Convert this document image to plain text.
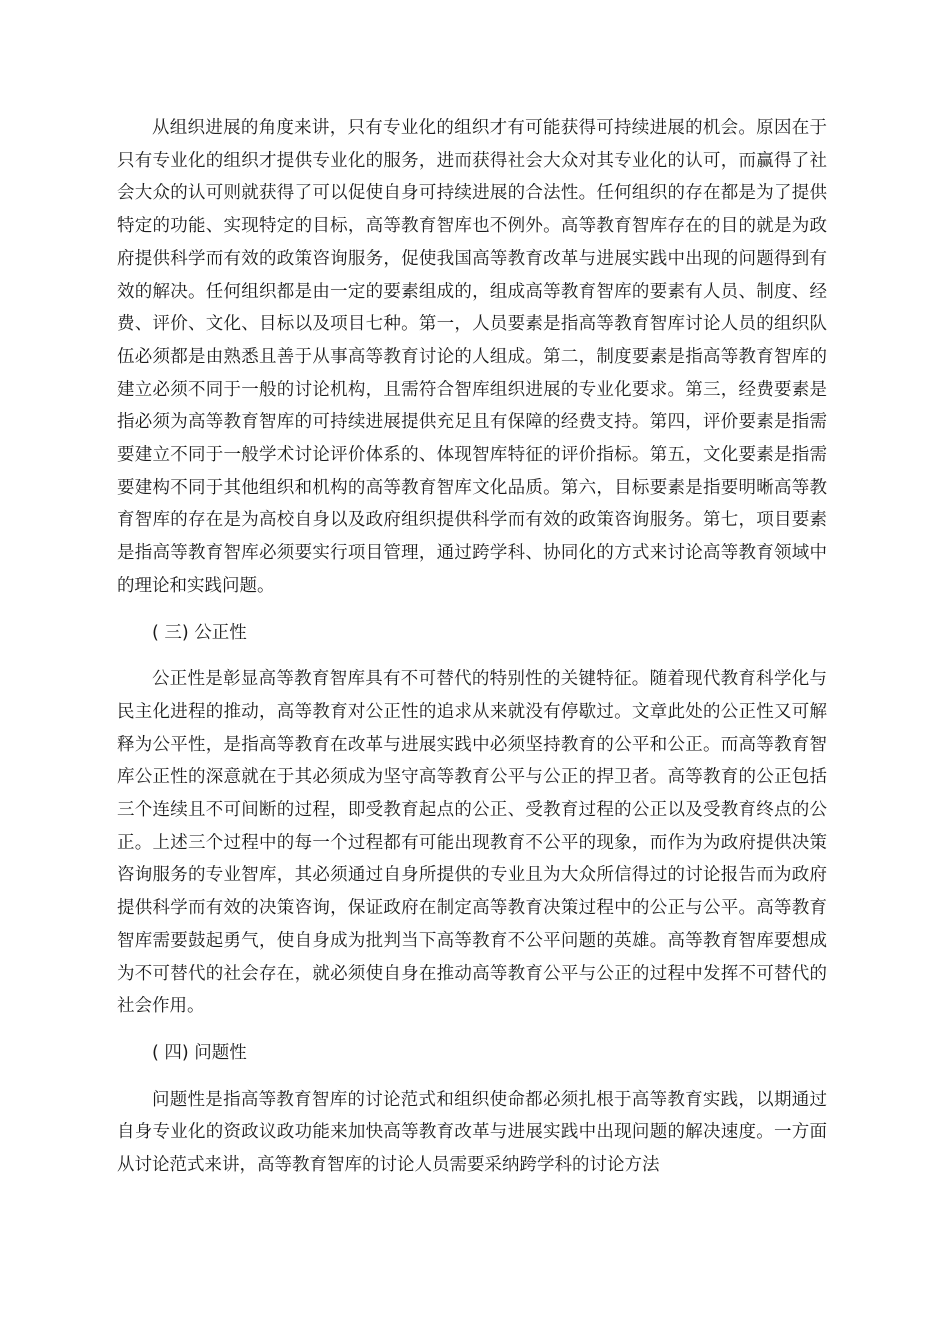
从组织进展的角度来讲，只有专业化的组织才有可能获得可持续进展的机会。原因在于只有专业化的组织才提供专业化的服务，进而获得社会大众对其专业化的认可，而赢得了社会大众的认可则就获得了可以促使自身可持续进展的合法性。任何组织的存在都是为了提供特定的功能、实现特定的目标，高等教育智库也不例外。高等教育智库存在的目的就是为政府提供科学而有效的政策咨询服务，促使我国高等教育改革与进展实践中出现的问题得到有效的解决。任何组织都是由一定的要素组成的，组成高等教育智库的要素有人员、制度、经费、评价、文化、目标以及项目七种。第一，人员要素是指高等教育智库讨论人员的组织队伍必须都是由熟悉且善于从事高等教育讨论的人组成。第二，制度要素是指高等教育智库的建立必须不同于一般的讨论机构，且需符合智库组织进展的专业化要求。第三，经费要素是指必须为高等教育智库的可持续进展提供充足且有保障的经费支持。第四，评价要素是指需要建立不同于一般学术讨论评价体系的、体现智库特征的评价指标。第五，文化要素是指需要建构不同于其他组织和机构的高等教育智库文化品质。第六，目标要素是指要明晰高等教育智库的存在是为高校自身以及政府组织提供科学而有效的政策咨询服务。第七，项目要素是指高等教育智库必须要实行项目管理，通过跨学科、协同化的方式来讨论高等教育领域中的理论和实践问题。

( 三) 公正性

公正性是彰显高等教育智库具有不可替代的特别性的关键特征。随着现代教育科学化与民主化进程的推动，高等教育对公正性的追求从来就没有停歇过。文章此处的公正性又可解释为公平性，是指高等教育在改革与进展实践中必须坚持教育的公平和公正。而高等教育智库公正性的深意就在于其必须成为坚守高等教育公平与公正的捍卫者。高等教育的公正包括三个连续且不可间断的过程，即受教育起点的公正、受教育过程的公正以及受教育终点的公正。上述三个过程中的每一个过程都有可能出现教育不公平的现象，而作为为政府提供决策咨询服务的专业智库，其必须通过自身所提供的专业且为大众所信得过的讨论报告而为政府提供科学而有效的决策咨询，保证政府在制定高等教育决策过程中的公正与公平。高等教育智库需要鼓起勇气，使自身成为批判当下高等教育不公平问题的英雄。高等教育智库要想成为不可替代的社会存在，就必须使自身在推动高等教育公平与公正的过程中发挥不可替代的社会作用。

( 四) 问题性

问题性是指高等教育智库的讨论范式和组织使命都必须扎根于高等教育实践，以期通过自身专业化的资政议政功能来加快高等教育改革与进展实践中出现问题的解决速度。一方面从讨论范式来讲，高等教育智库的讨论人员需要采纳跨学科的讨论方法
